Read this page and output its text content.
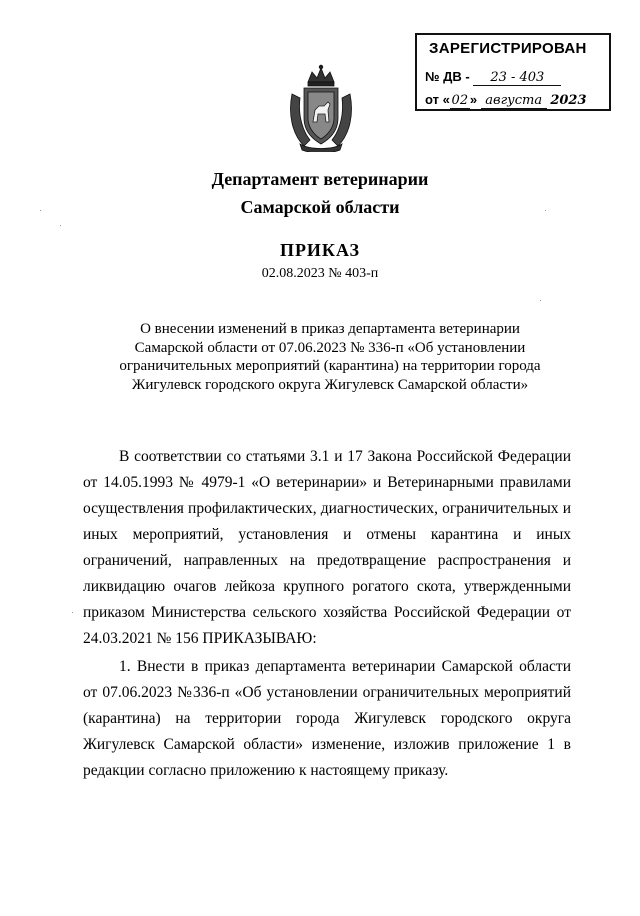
ЗАРЕГИСТРИРОВАН
№ ДВ - 23 - 403
от « 02 » августа 2023
Департамент ветеринарии
Самарской области
ПРИКАЗ
02.08.2023 № 403-п
О внесении изменений в приказ департамента ветеринарии
Самарской области от 07.06.2023 № 336-п «Об установлении
ограничительных мероприятий (карантина) на территории города
Жигулевск городского округа Жигулевск Самарской области»
В соответствии со статьями 3.1 и 17 Закона Российской Федерации
от 14.05.1993 № 4979-1 «О ветеринарии» и Ветеринарными правилами
осуществления профилактических, диагностических, ограничительных и
иных мероприятий, установления и отмены карантина и иных
ограничений, направленных на предотвращение распространения и
ликвидацию очагов лейкоза крупного рогатого скота, утвержденными
приказом Министерства сельского хозяйства Российской Федерации от
24.03.2021 № 156 ПРИКАЗЫВАЮ:
1. Внести в приказ департамента ветеринарии Самарской области
от 07.06.2023 №336-п «Об установлении ограничительных мероприятий
(карантина) на территории города Жигулевск городского округа
Жигулевск Самарской области» изменение, изложив приложение 1 в
редакции согласно приложению к настоящему приказу.
